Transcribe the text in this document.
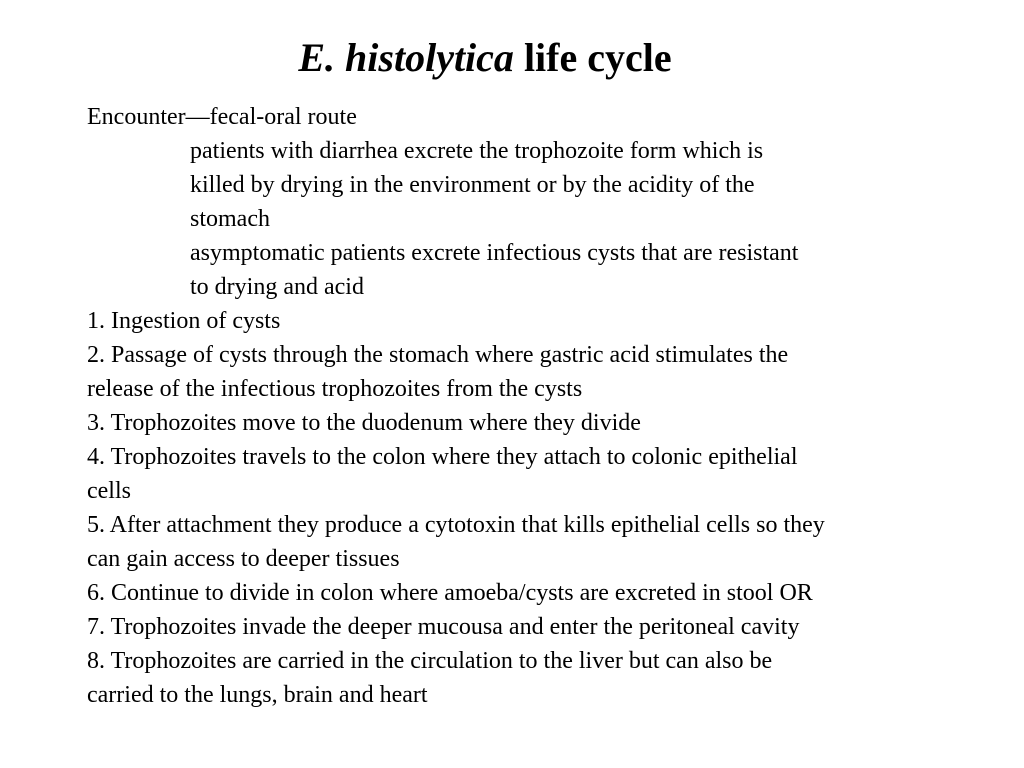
E. histolytica life cycle

Encounter—fecal-oral route

patients with diarrhea excrete the trophozoite form which is

killed by drying in the environment or by the acidity of the

stomach

asymptomatic patients excrete infectious cysts that are resistant

to drying and acid

1. Ingestion of cysts

2. Passage of cysts through the stomach where gastric acid stimulates the

release of the infectious trophozoites from the cysts

3. Trophozoites move to the duodenum where they divide

4. Trophozoites travels to the colon where they attach to colonic epithelial

cells

5. After attachment they produce a cytotoxin that kills epithelial cells so they

can gain access to deeper tissues

6. Continue to divide in colon where amoeba/cysts are excreted in stool OR

7. Trophozoites invade the deeper mucousa and enter the peritoneal cavity

8. Trophozoites are carried in the circulation to the liver but can also be

carried to the lungs, brain and heart
